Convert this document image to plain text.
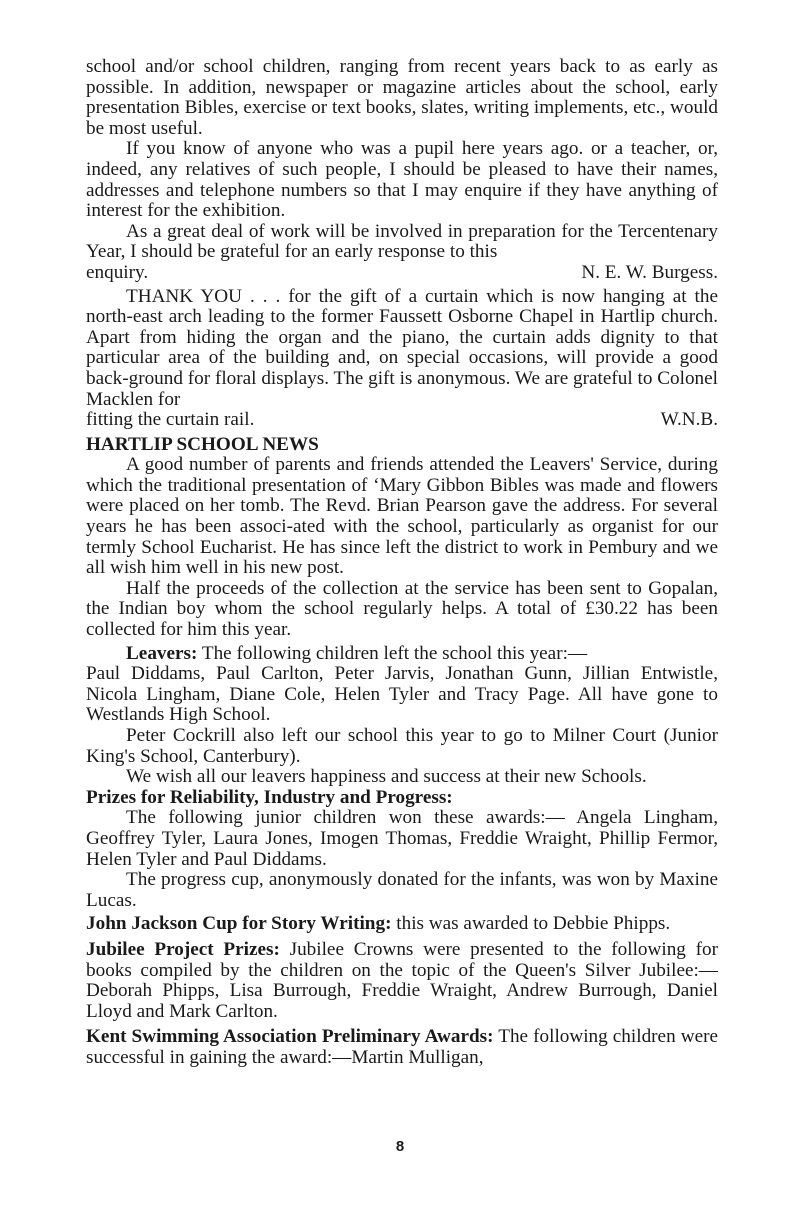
school and/or school children, ranging from recent years back to as early as possible. In addition, newspaper or magazine articles about the school, early presentation Bibles, exercise or text books, slates, writing implements, etc., would be most useful.

If you know of anyone who was a pupil here years ago. or a teacher, or, indeed, any relatives of such people, I should be pleased to have their names, addresses and telephone numbers so that I may enquire if they have anything of interest for the exhibition.

As a great deal of work will be involved in preparation for the Tercentenary Year, I should be grateful for an early response to this

enquiry.	N. E. W. Burgess.

THANK YOU . . . for the gift of a curtain which is now hanging at the north-east arch leading to the former Faussett Osborne Chapel in Hartlip church. Apart from hiding the organ and the piano, the curtain adds dignity to that particular area of the building and, on special occasions, will provide a good back-ground for floral displays. The gift is anonymous. We are grateful to Colonel Macklen for

fitting the curtain rail.	W.N.B.

HARTLIP SCHOOL NEWS

A good number of parents and friends attended the Leavers' Service, during which the traditional presentation of ‘Mary Gibbon Bibles was made and flowers were placed on her tomb. The Revd. Brian Pearson gave the address. For several years he has been associ-ated with the school, particularly as organist for our termly School Eucharist. He has since left the district to work in Pembury and we all wish him well in his new post.

Half the proceeds of the collection at the service has been sent to Gopalan, the Indian boy whom the school regularly helps. A total of £30.22 has been collected for him this year.

Leavers: The following children left the school this year:—

Paul Diddams, Paul Carlton, Peter Jarvis, Jonathan Gunn, Jillian Entwistle, Nicola Lingham, Diane Cole, Helen Tyler and Tracy Page. All have gone to Westlands High School.

Peter Cockrill also left our school this year to go to Milner Court (Junior King's School, Canterbury).

We wish all our leavers happiness and success at their new Schools.

Prizes for Reliability, Industry and Progress:

The following junior children won these awards:— Angela Lingham, Geoffrey Tyler, Laura Jones, Imogen Thomas, Freddie Wraight, Phillip Fermor, Helen Tyler and Paul Diddams.

The progress cup, anonymously donated for the infants, was won by Maxine Lucas.

John Jackson Cup for Story Writing: this was awarded to Debbie Phipps.

Jubilee Project Prizes: Jubilee Crowns were presented to the following for books compiled by the children on the topic of the Queen's Silver Jubilee:—Deborah Phipps, Lisa Burrough, Freddie Wraight, Andrew Burrough, Daniel Lloyd and Mark Carlton.

Kent Swimming Association Preliminary Awards: The following children were successful in gaining the award:—Martin Mulligan,

8
